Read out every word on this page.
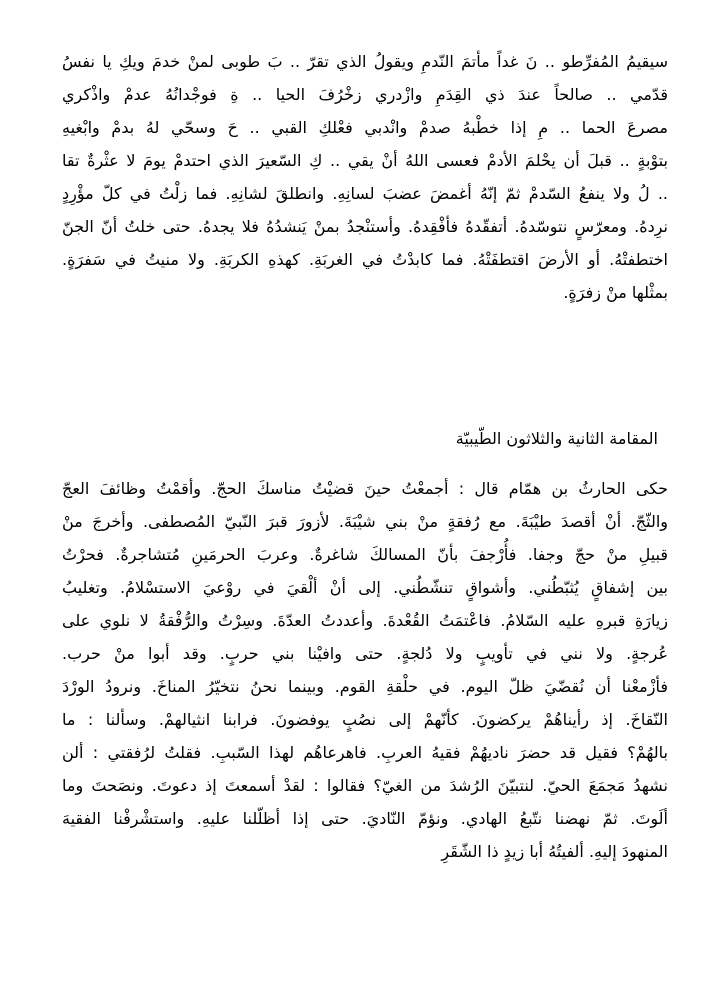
سيقيمُ المُفرِّطو .. نَ غداً مأتمَ النّدمِ ويقولُ الذي تقرّ .. بَ طوبى لمنْ خدمَ ويكِ يا نفسُ
قدّمي .. صالحاً عندَ ذي القِدَمِ وازْدري زخْرُفَ الحيا .. ةِ فوجْدانُهُ عدمْ واذْكري
مصرعَ الحما .. مِ إذا خطْبهُ صدمْ وانْدبي فعْلكِ القبي .. حَ وسحّي لهُ بدمْ وابْغيهِ
بتوْبةٍ .. قبلَ أن يحْلمَ الأدمْ فعسى اللهُ أنْ يقي .. كِ السّعيرَ الذي احتدمْ يومَ لا عثْرةٌ تقا
.. لُ ولا ينفعُ السّدمْ ثمّ إنّهُ أغمضَ عضبَ لسانِهِ. وانطلقَ لشانِهِ. فما زلْتُ في كلّ مؤْرِدٍ
نرِدهُ. ومعرّسٍ نتوسّدهُ. أتفقّدهُ فأفْقِدهُ. وأستنْجدُ بمنْ يَنشدُهُ فلا يجدهُ. حتى خلتُ أنّ الجنّ
اختطفتْهُ. أو الأرضَ اقتطفَتْهُ. فما كابدْتُ في الغربَةِ. كهذهِ الكربَةِ. ولا منيتُ في سَفرَةٍ.
بمثْلها منْ زفرَةٍ.
المقامة الثانية والثلاثون الطّيبيّة
حكى الحارثُ بن همّام قال : أجمعْتُ حينَ قضيْتُ مناسكَ الحجّ. وأقمْتُ وظائفَ العجّ
والثّجّ. أنْ أقصدَ طيْبَةَ. مع رُفقةٍ منْ بني شيْبَةَ. لأزورَ قبرَ النّبيّ المُصطفى. وأخرجَ منْ
قبيلِ منْ حجّ وجفا. فأُرْجفَ بأنّ المسالكَ شاغرةٌ. وعربَ الحرمَينِ مُتشاجرةٌ. فحرْتُ
بين إشفاقٍ يُثبّطُني. وأشواقٍ تنشّطُني. إلى أنْ ألْقيَ في روْعيَ الاستسْلامُ. وتغليبُ
زيارَةِ قبرهِ عليه السّلامُ. فاعْتمَتُ القُعْدةَ. وأعددتُ العدّةَ. وسِرْتُ والرُّفْقةُ لا نلوي على
عُرجةٍ. ولا نني في تأويبٍ ولا دُلجةٍ. حتى وافيْنا بني حربٍ. وقد أبوا منْ حرب.
فأزْمعْنا أن نُقضّيَ ظلّ اليوم. في حلْقةِ القوم. وبينما نحنُ نتخيّرُ المناخَ. ونرودُ الورْدَ
النّقاخَ. إذ رأيناهُمْ يركضونَ. كأنّهمْ إلى نصُبٍ يوفضونَ. فرابنا انثيالهمْ. وسألنا : ما
بالهُمْ؟ فقيل قد حضرَ ناديهُمْ فقيهُ العربِ. فاهرعاهُم لهذا السّببِ. فقلتُ لرُفقتي : ألن
نشهدُ مَجمَعَ الحيّ. لنتبيّنَ الرُشدَ من الغيّ؟ فقالوا : لقدْ أسمعتَ إذ دعوتَ. ونصَحتَ وما
ألَوتَ. ثمّ نهضنا نتّبعُ الهادي. ونؤمّ النّاديَ. حتى إذا أظلّلنا عليهِ. واستشْرفْنا الفقيهَ
المنهودَ إليهِ. ألفيتُهُ أبا زيدٍ ذا الشّقَرِ
